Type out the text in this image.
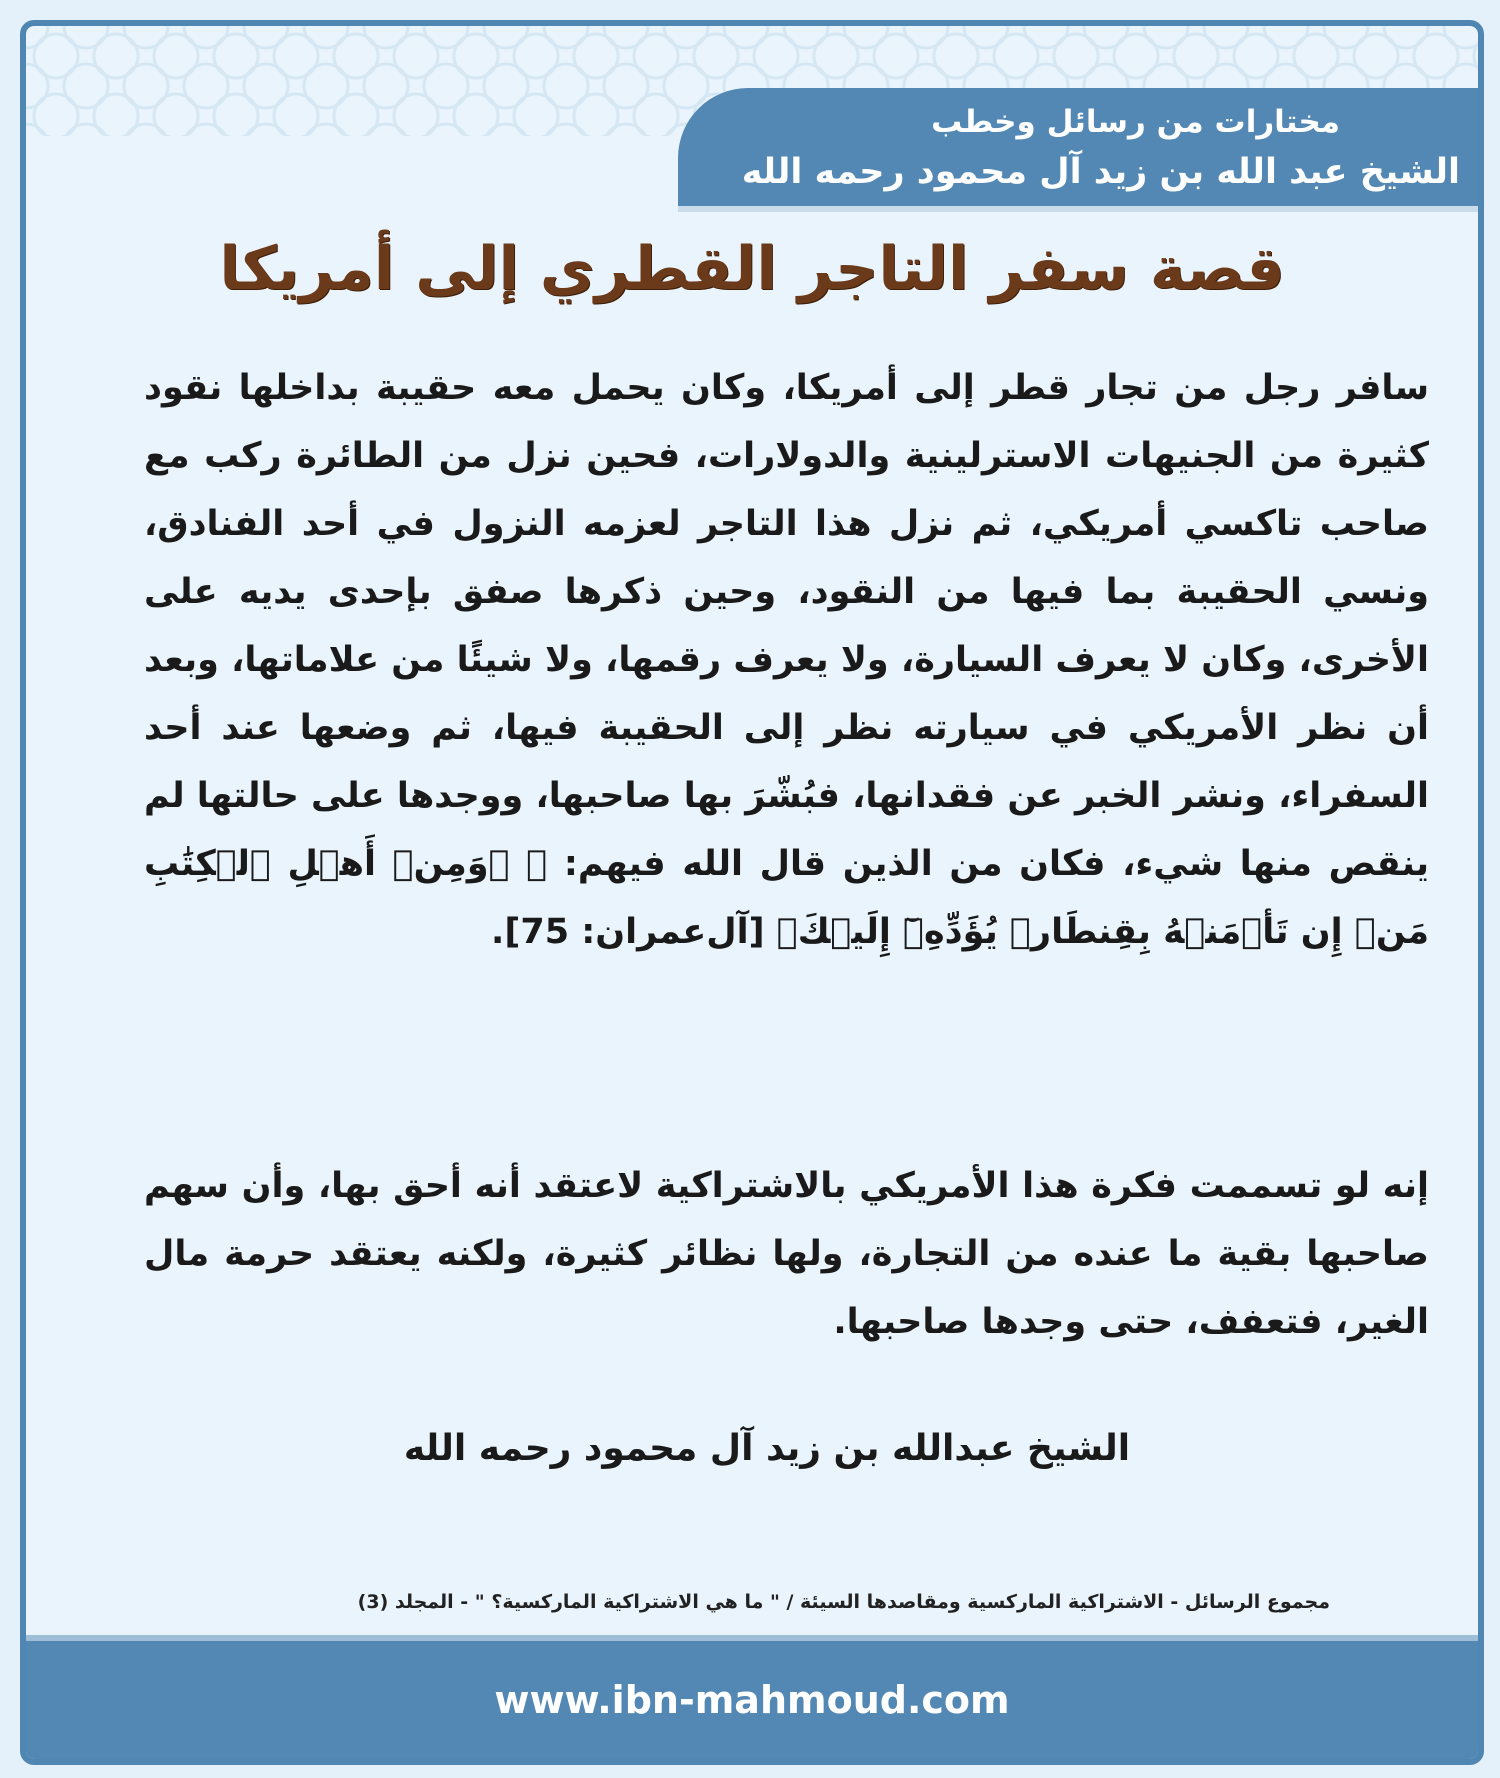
مختارات من رسائل وخطب
الشيخ عبد الله بن زيد آل محمود رحمه الله
قصة سفر التاجر القطري إلى أمريكا

سافر رجل من تجار قطر إلى أمريكا، وكان يحمل معه حقيبة بداخلها نقود كثيرة من الجنيهات الاسترلينية والدولارات، فحين نزل من الطائرة ركب مع صاحب تاكسي أمريكي، ثم نزل هذا التاجر لعزمه النزول في أحد الفنادق، ونسي الحقيبة بما فيها من النقود، وحين ذكرها صفق بإحدى يديه على الأخرى، وكان لا يعرف السيارة، ولا يعرف رقمها، ولا شيئًا من علاماتها، وبعد أن نظر الأمريكي في سيارته نظر إلى الحقيبة فيها، ثم وضعها عند أحد السفراء، ونشر الخبر عن فقدانها، فبُشّرَ بها صاحبها، ووجدها على حالتها لم ينقص منها شيء، فكان من الذين قال الله فيهم: ﴿ ۞وَمِنۡ أَهۡلِ ٱلۡكِتَٰبِ مَنۡ إِن تَأۡمَنۡهُ بِقِنطَارٖ يُؤَدِّهِۦٓ إِلَيۡكَ﴾ [آل‌عمران: 75].

إنه لو تسممت فكرة هذا الأمريكي بالاشتراكية لاعتقد أنه أحق بها، وأن سهم صاحبها بقية ما عنده من التجارة، ولها نظائر كثيرة، ولكنه يعتقد حرمة مال الغير، فتعفف، حتى وجدها صاحبها.

الشيخ عبدالله بن زيد آل محمود رحمه الله
مجموع الرسائل - الاشتراكية الماركسية ومقاصدها السيئة / " ما هي الاشتراكية الماركسية؟ " - المجلد (3)
www.ibn-mahmoud.com
